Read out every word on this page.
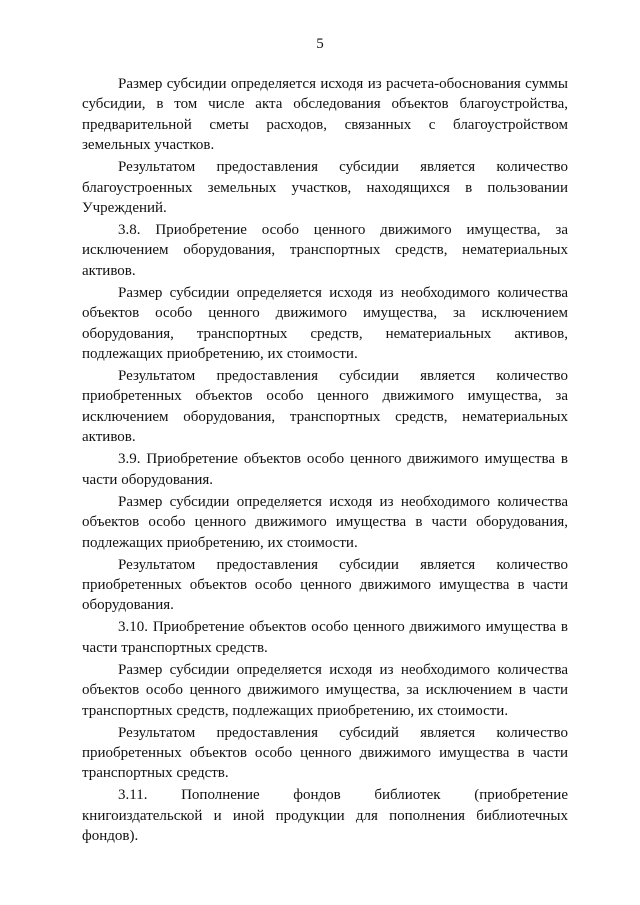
5

Размер субсидии определяется исходя из расчета-обоснования суммы субсидии, в том числе акта обследования объектов благоустройства, предварительной сметы расходов, связанных с благоустройством земельных участков.

Результатом предоставления субсидии является количество благоустроенных земельных участков, находящихся в пользовании Учреждений.

3.8. Приобретение особо ценного движимого имущества, за исключением оборудования, транспортных средств, нематериальных активов.

Размер субсидии определяется исходя из необходимого количества объектов особо ценного движимого имущества, за исключением оборудования, транспортных средств, нематериальных активов, подлежащих приобретению, их стоимости.

Результатом предоставления субсидии является количество приобретенных объектов особо ценного движимого имущества, за исключением оборудования, транспортных средств, нематериальных активов.

3.9. Приобретение объектов особо ценного движимого имущества в части оборудования.

Размер субсидии определяется исходя из необходимого количества объектов особо ценного движимого имущества в части оборудования, подлежащих приобретению, их стоимости.

Результатом предоставления субсидии является количество приобретенных объектов особо ценного движимого имущества в части оборудования.

3.10. Приобретение объектов особо ценного движимого имущества в части транспортных средств.

Размер субсидии определяется исходя из необходимого количества объектов особо ценного движимого имущества, за исключением в части транспортных средств, подлежащих приобретению, их стоимости.

Результатом предоставления субсидий является количество приобретенных объектов особо ценного движимого имущества в части транспортных средств.

3.11. Пополнение фондов библиотек (приобретение книгоиздательской и иной продукции для пополнения библиотечных фондов).
